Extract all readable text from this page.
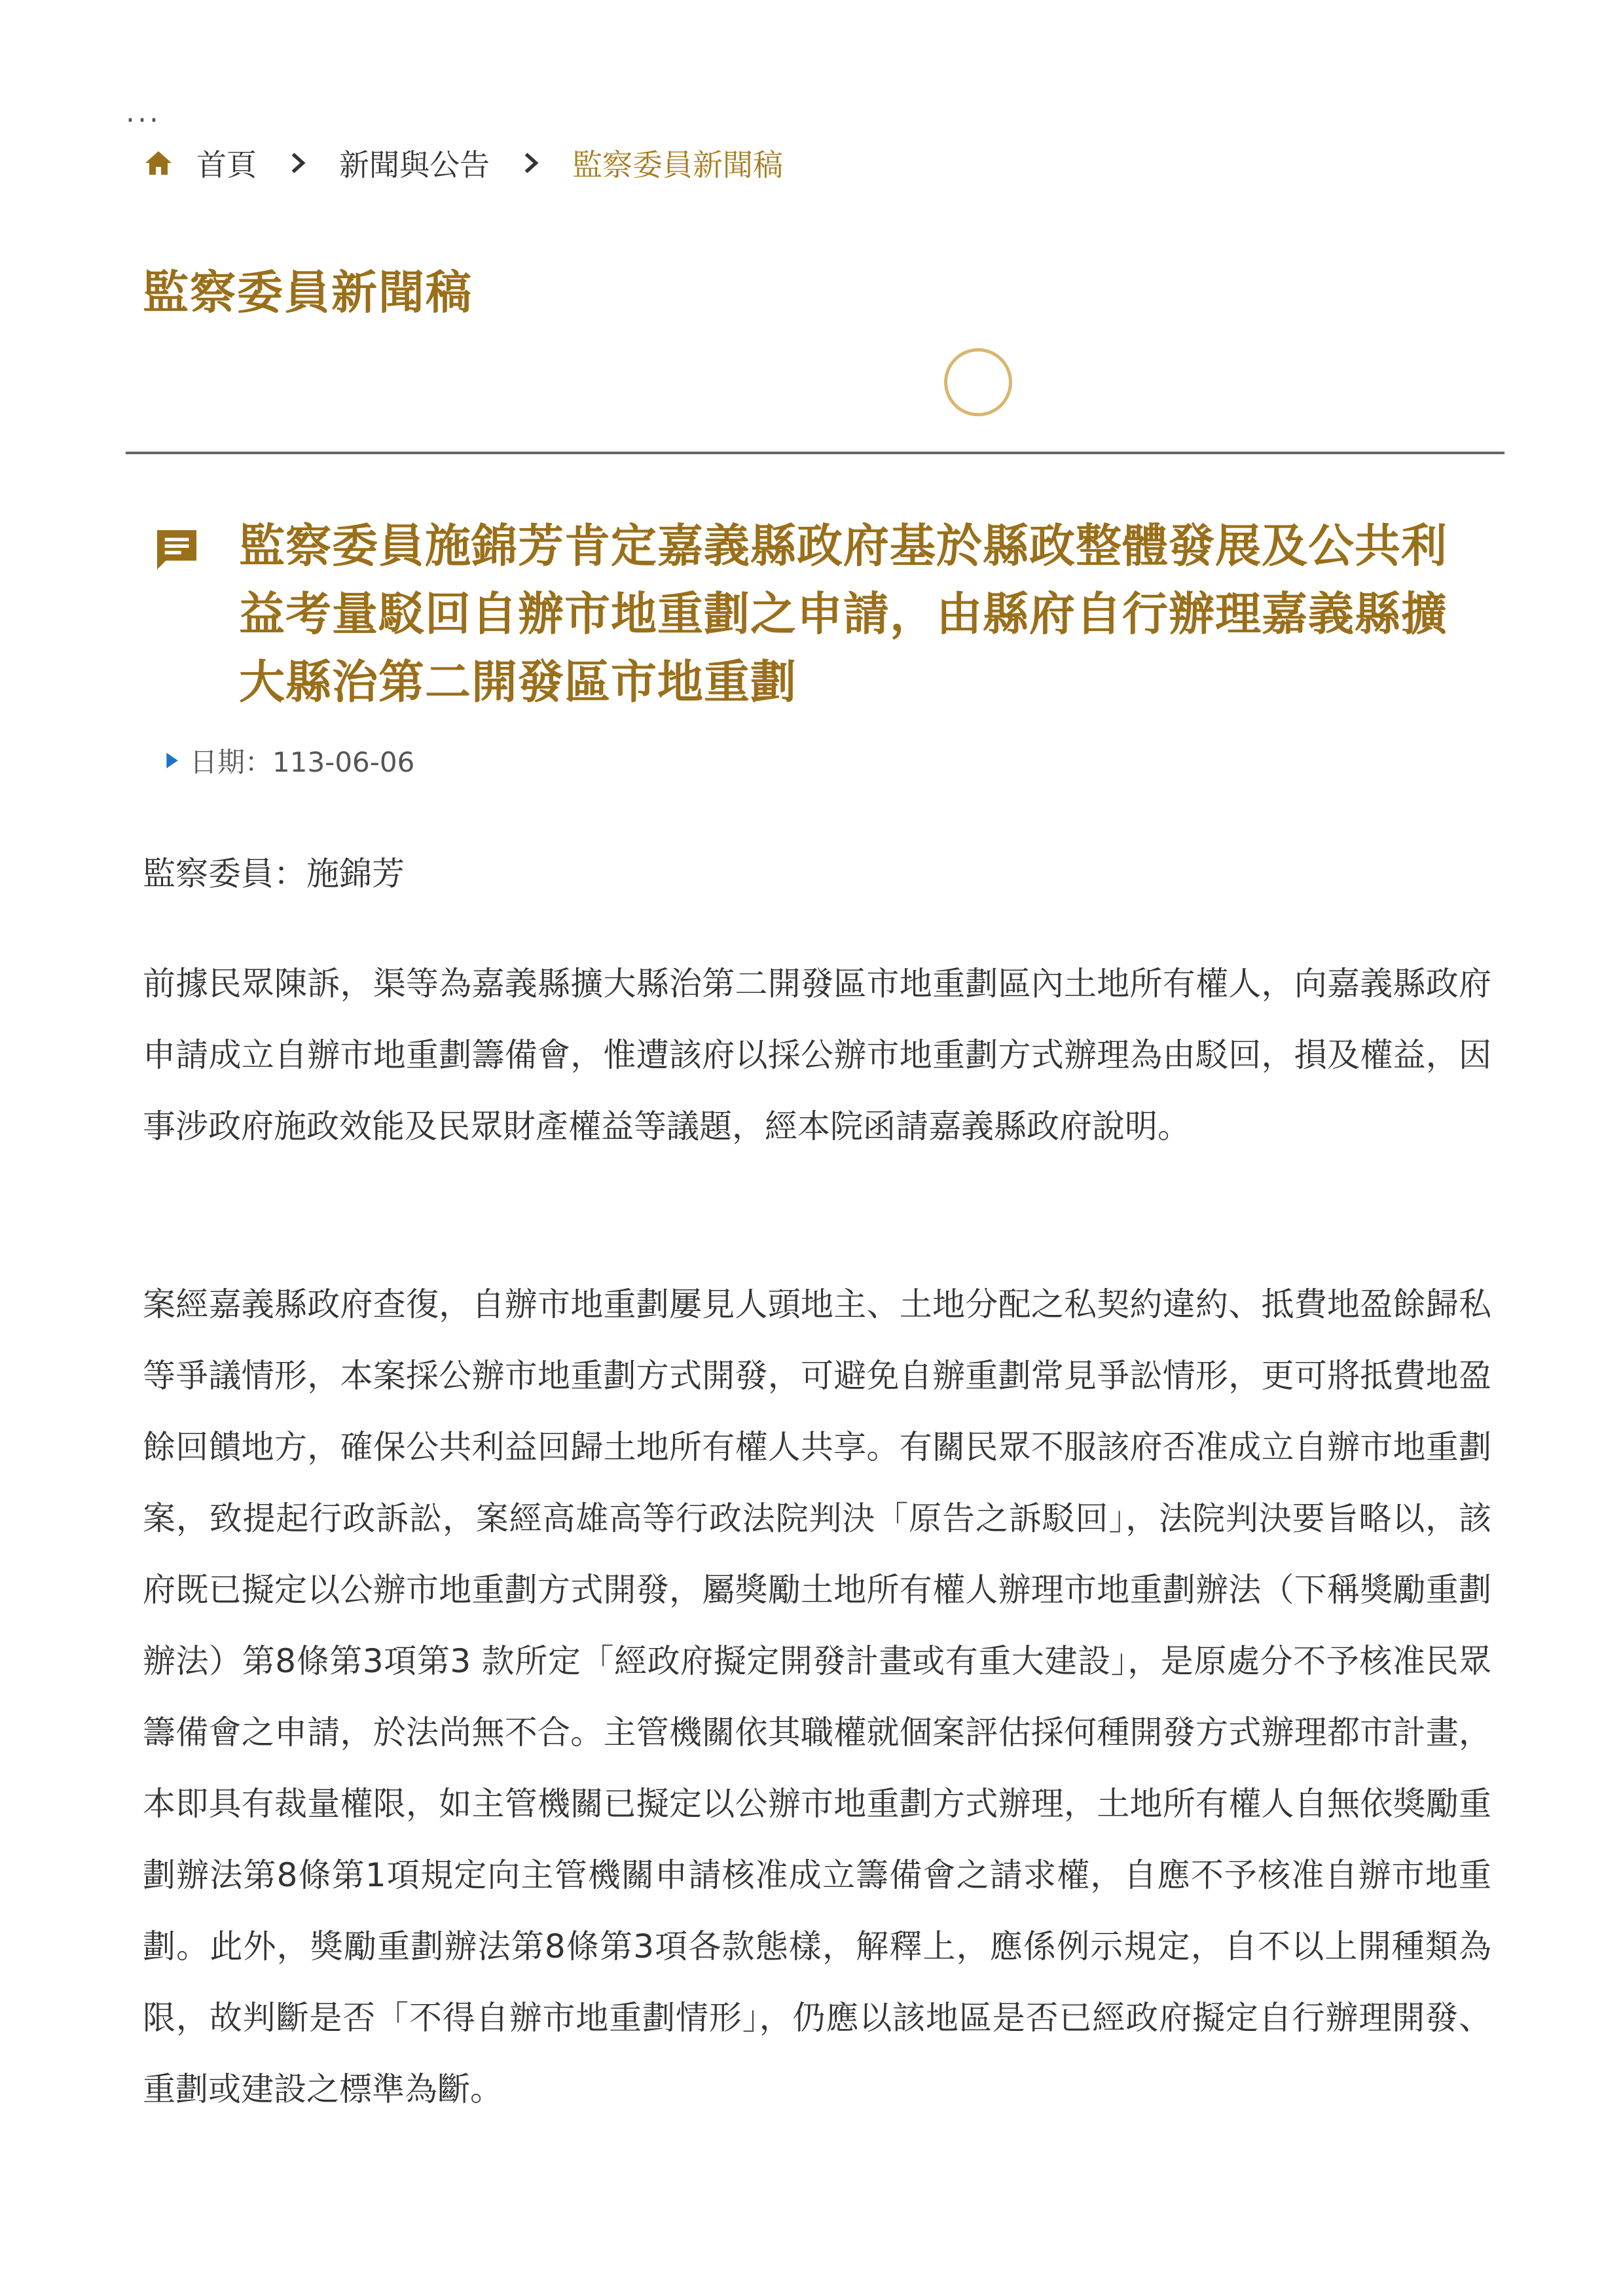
...
首頁	新聞與公告	監察委員新聞稿
監察委員新聞稿
監察委員施錦芳肯定嘉義縣政府基於縣政整體發展及公共利益考量駁回自辦市地重劃之申請，由縣府自行辦理嘉義縣擴大縣治第二開發區市地重劃
日期：113-06-06
監察委員：施錦芳

前據民眾陳訴，渠等為嘉義縣擴大縣治第二開發區市地重劃區內土地所有權人，向嘉義縣政府申請成立自辦市地重劃籌備會，惟遭該府以採公辦市地重劃方式辦理為由駁回，損及權益，因事涉政府施政效能及民眾財產權益等議題，經本院函請嘉義縣政府說明。

案經嘉義縣政府查復，自辦市地重劃屢見人頭地主、土地分配之私契約違約、抵費地盈餘歸私等爭議情形，本案採公辦市地重劃方式開發，可避免自辦重劃常見爭訟情形，更可將抵費地盈餘回饋地方，確保公共利益回歸土地所有權人共享。有關民眾不服該府否准成立自辦市地重劃案，致提起行政訴訟，案經高雄高等行政法院判決「原告之訴駁回」，法院判決要旨略以，該府既已擬定以公辦市地重劃方式開發，屬獎勵土地所有權人辦理市地重劃辦法（下稱獎勵重劃辦法）第8條第3項第3 款所定「經政府擬定開發計畫或有重大建設」，是原處分不予核准民眾籌備會之申請，於法尚無不合。主管機關依其職權就個案評估採何種開發方式辦理都市計畫，本即具有裁量權限，如主管機關已擬定以公辦市地重劃方式辦理，土地所有權人自無依獎勵重劃辦法第8條第1項規定向主管機關申請核准成立籌備會之請求權，自應不予核准自辦市地重劃。此外，獎勵重劃辦法第8條第3項各款態樣，解釋上，應係例示規定，自不以上開種類為限，故判斷是否「不得自辦市地重劃情形」，仍應以該地區是否已經政府擬定自行辦理開發、重劃或建設之標準為斷。
